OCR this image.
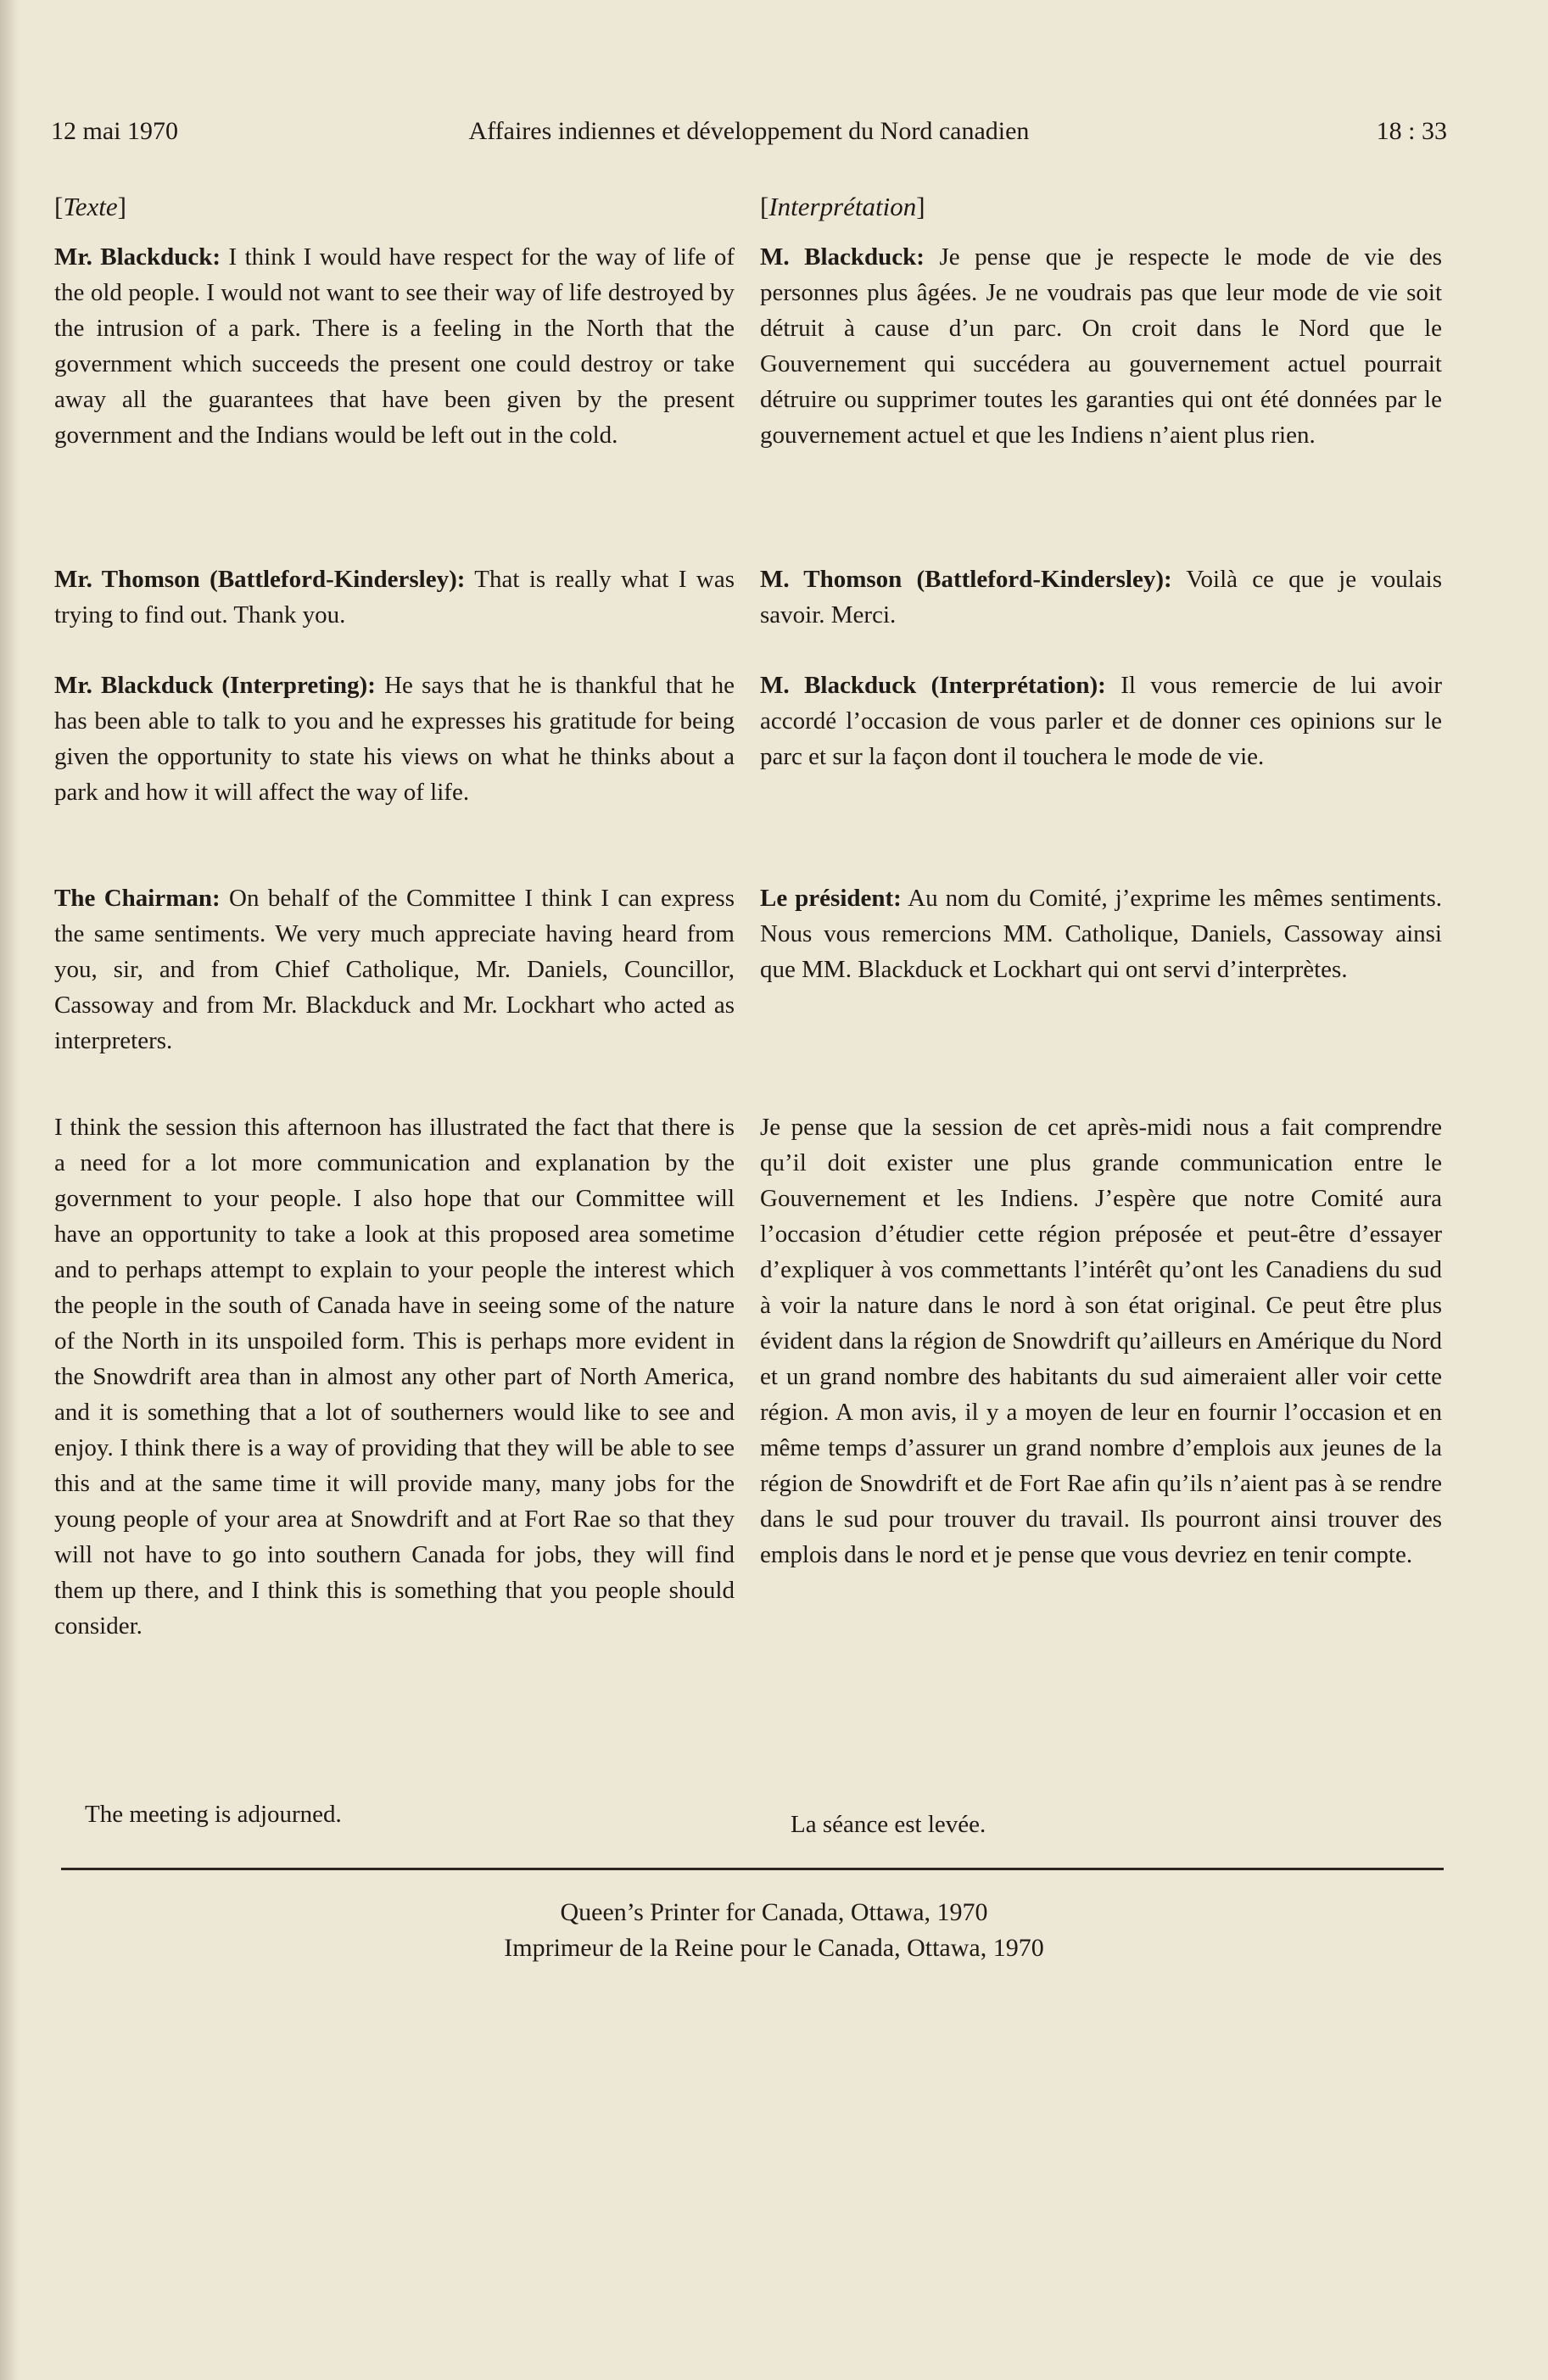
12 mai 1970	Affaires indiennes et développement du Nord canadien	18 : 33
[Texte]

Mr. Blackduck: I think I would have respect for the way of life of the old people. I would not want to see their way of life destroyed by the intrusion of a park. There is a feeling in the North that the government which succeeds the present one could destroy or take away all the guarantees that have been given by the present government and the Indians would be left out in the cold.

Mr. Thomson (Battleford-Kindersley): That is really what I was trying to find out. Thank you.

Mr. Blackduck (Interpreting): He says that he is thankful that he has been able to talk to you and he expresses his gratitude for being given the opportunity to state his views on what he thinks about a park and how it will affect the way of life.

The Chairman: On behalf of the Committee I think I can express the same sentiments. We very much appreciate having heard from you, sir, and from Chief Catholique, Mr. Daniels, Councillor, Cassoway and from Mr. Blackduck and Mr. Lockhart who acted as interpreters.

I think the session this afternoon has illustrated the fact that there is a need for a lot more communication and explanation by the government to your people. I also hope that our Committee will have an opportunity to take a look at this proposed area sometime and to perhaps attempt to explain to your people the interest which the people in the south of Canada have in seeing some of the nature of the North in its unspoiled form. This is perhaps more evident in the Snowdrift area than in almost any other part of North America, and it is something that a lot of southerners would like to see and enjoy. I think there is a way of providing that they will be able to see this and at the same time it will provide many, many jobs for the young people of your area at Snowdrift and at Fort Rae so that they will not have to go into southern Canada for jobs, they will find them up there, and I think this is something that you people should consider.

The meeting is adjourned.

[Interprétation]

M. Blackduck: Je pense que je respecte le mode de vie des personnes plus âgées. Je ne voudrais pas que leur mode de vie soit détruit à cause d’un parc. On croit dans le Nord que le Gouvernement qui succédera au gouvernement actuel pourrait détruire ou supprimer toutes les garanties qui ont été données par le gouvernement actuel et que les Indiens n’aient plus rien.

M. Thomson (Battleford-Kindersley): Voilà ce que je voulais savoir. Merci.

M. Blackduck (Interprétation): Il vous remercie de lui avoir accordé l’occasion de vous parler et de donner ces opinions sur le parc et sur la façon dont il touchera le mode de vie.

Le président: Au nom du Comité, j’exprime les mêmes sentiments. Nous vous remercions MM. Catholique, Daniels, Cassoway ainsi que MM. Blackduck et Lockhart qui ont servi d’interprètes.

Je pense que la session de cet après-midi nous a fait comprendre qu’il doit exister une plus grande communication entre le Gouvernement et les Indiens. J’espère que notre Comité aura l’occasion d’étudier cette région préposée et peut-être d’essayer d’expliquer à vos commettants l’intérêt qu’ont les Canadiens du sud à voir la nature dans le nord à son état original. Ce peut être plus évident dans la région de Snowdrift qu’ailleurs en Amérique du Nord et un grand nombre des habitants du sud aimeraient aller voir cette région. A mon avis, il y a moyen de leur en fournir l’occasion et en même temps d’assurer un grand nombre d’emplois aux jeunes de la région de Snowdrift et de Fort Rae afin qu’ils n’aient pas à se rendre dans le sud pour trouver du travail. Ils pourront ainsi trouver des emplois dans le nord et je pense que vous devriez en tenir compte.

La séance est levée.

Queen’s Printer for Canada, Ottawa, 1970
Imprimeur de la Reine pour le Canada, Ottawa, 1970
